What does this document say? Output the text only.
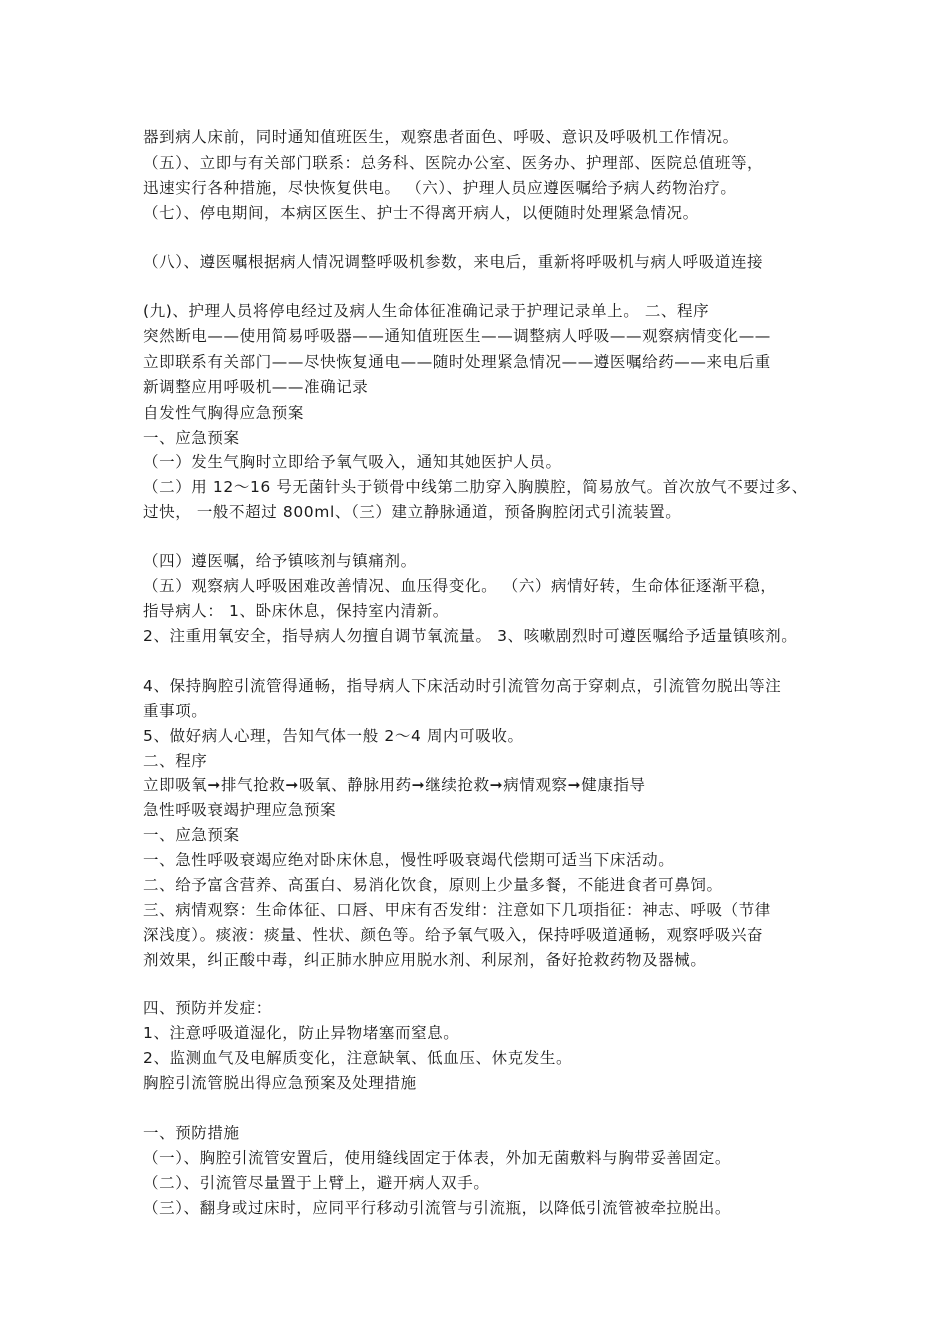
器到病人床前，同时通知值班医生，观察患者面色、呼吸、意识及呼吸机工作情况。
（五）、立即与有关部门联系：总务科、医院办公室、医务办、护理部、医院总值班等，
迅速实行各种措施，尽快恢复供电。 （六）、护理人员应遵医嘱给予病人药物治疗。
（七）、停电期间，本病区医生、护士不得离开病人，以便随时处理紧急情况。
（八）、遵医嘱根据病人情况调整呼吸机参数，来电后，重新将呼吸机与病人呼吸道连接
(九)、护理人员将停电经过及病人生命体征准确记录于护理记录单上。 二、程序
突然断电——使用简易呼吸器——通知值班医生——调整病人呼吸——观察病情变化——
立即联系有关部门——尽快恢复通电——随时处理紧急情况——遵医嘱给药——来电后重
新调整应用呼吸机——准确记录
自发性气胸得应急预案
一、应急预案
（一）发生气胸时立即给予氧气吸入，通知其她医护人员。
（二）用 12～16 号无菌针头于锁骨中线第二肋穿入胸膜腔，简易放气。首次放气不要过多、
过快， 一般不超过 800ml、（三）建立静脉通道，预备胸腔闭式引流装置。
（四）遵医嘱，给予镇咳剂与镇痛剂。
（五）观察病人呼吸困难改善情况、血压得变化。 （六）病情好转，生命体征逐渐平稳，
指导病人： 1、卧床休息，保持室内清新。
2、注重用氧安全，指导病人勿擅自调节氧流量。 3、咳嗽剧烈时可遵医嘱给予适量镇咳剂。
4、保持胸腔引流管得通畅，指导病人下床活动时引流管勿高于穿刺点，引流管勿脱出等注
重事项。
5、做好病人心理，告知气体一般 2～4 周内可吸收。
二、程序
立即吸氧➞排气抢救➞吸氧、静脉用药➞继续抢救➞病情观察➞健康指导
急性呼吸衰竭护理应急预案
一、应急预案
一、急性呼吸衰竭应绝对卧床休息，慢性呼吸衰竭代偿期可适当下床活动。
二、给予富含营养、高蛋白、易消化饮食，原则上少量多餐，不能进食者可鼻饲。
三、病情观察：生命体征、口唇、甲床有否发绀：注意如下几项指征：神志、呼吸（节律
深浅度）。痰液：痰量、性状、颜色等。给予氧气吸入，保持呼吸道通畅，观察呼吸兴奋
剂效果，纠正酸中毒，纠正肺水肿应用脱水剂、利尿剂，备好抢救药物及器械。
四、预防并发症：
1、注意呼吸道湿化，防止异物堵塞而窒息。
2、监测血气及电解质变化，注意缺氧、低血压、休克发生。
胸腔引流管脱出得应急预案及处理措施
一、预防措施
（一）、胸腔引流管安置后，使用缝线固定于体表，外加无菌敷料与胸带妥善固定。
（二）、引流管尽量置于上臂上，避开病人双手。
（三）、翻身或过床时，应同平行移动引流管与引流瓶，以降低引流管被牵拉脱出。
